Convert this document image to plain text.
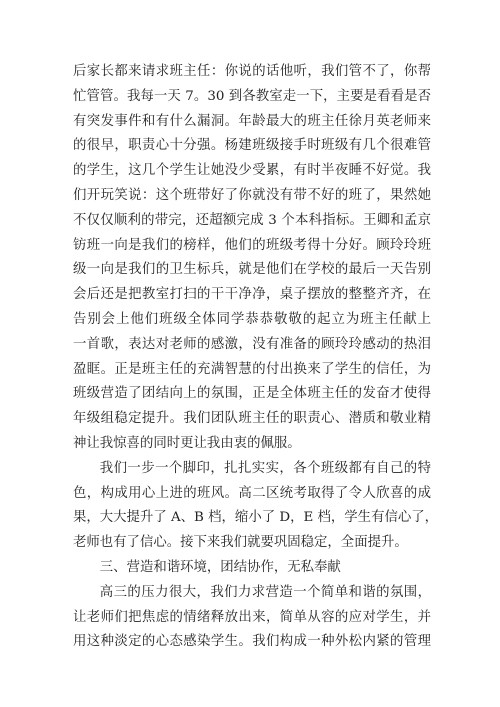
后家长都来请求班主任：你说的话他听，我们管不了，你帮
忙管管。我每一天 7。30 到各教室走一下，主要是看看是否
有突发事件和有什么漏洞。年龄最大的班主任徐月英老师来
的很早，职责心十分强。杨建班级接手时班级有几个很难管
的学生，这几个学生让她没少受累，有时半夜睡不好觉。我
们开玩笑说：这个班带好了你就没有带不好的班了，果然她
不仅仅顺利的带完，还超额完成 3 个本科指标。王卿和孟京
钫班一向是我们的榜样，他们的班级考得十分好。顾玲玲班
级一向是我们的卫生标兵，就是他们在学校的最后一天告别
会后还是把教室打扫的干干净净，桌子摆放的整整齐齐，在
告别会上他们班级全体同学恭恭敬敬的起立为班主任献上
一首歌，表达对老师的感激，没有准备的顾玲玲感动的热泪
盈眶。正是班主任的充满智慧的付出换来了学生的信任，为
班级营造了团结向上的氛围，正是全体班主任的发奋才使得
年级组稳定提升。我们团队班主任的职责心、潜质和敬业精
神让我惊喜的同时更让我由衷的佩服。
我们一步一个脚印，扎扎实实，各个班级都有自己的特
色，构成用心上进的班风。高二区统考取得了令人欣喜的成
果，大大提升了 A、B 档，缩小了 D，E 档，学生有信心了，
老师也有了信心。接下来我们就要巩固稳定，全面提升。
三、营造和谐环境，团结协作，无私奉献
高三的压力很大，我们力求营造一个简单和谐的氛围，
让老师们把焦虑的情绪释放出来，简单从容的应对学生，并
用这种淡定的心态感染学生。我们构成一种外松内紧的管理
